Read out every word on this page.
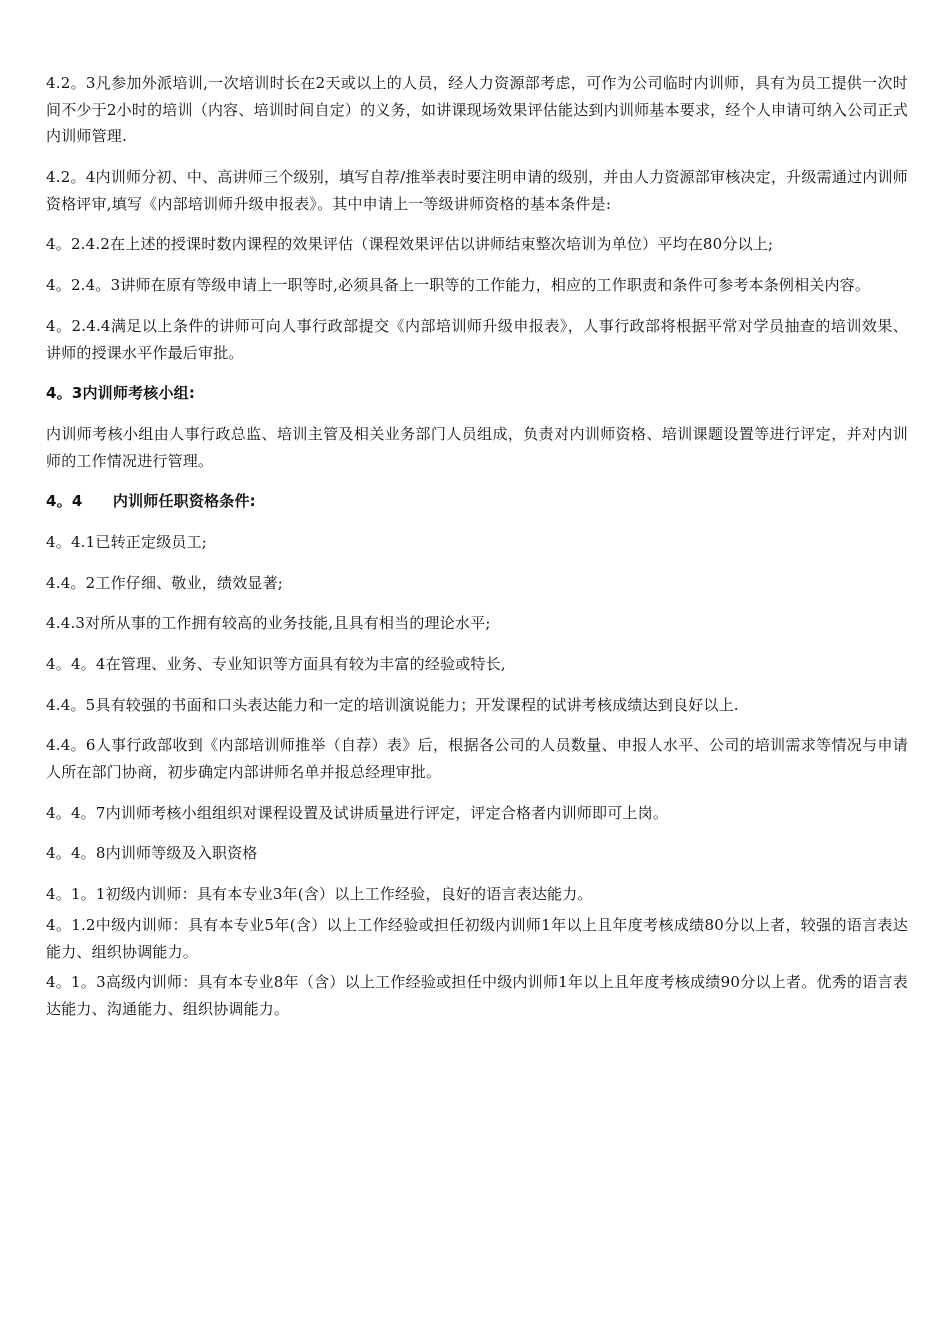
4.2。3凡参加外派培训,一次培训时长在2天或以上的人员，经人力资源部考虑，可作为公司临时内训师，具有为员工提供一次时间不少于2小时的培训（内容、培训时间自定）的义务，如讲课现场效果评估能达到内训师基本要求，经个人申请可纳入公司正式内训师管理.

4.2。4内训师分初、中、高讲师三个级别，填写自荐/推举表时要注明申请的级别，并由人力资源部审核决定，升级需通过内训师资格评审,填写《内部培训师升级申报表》。其中申请上一等级讲师资格的基本条件是:

4。2.4.2在上述的授课时数内课程的效果评估（课程效果评估以讲师结束整次培训为单位）平均在80分以上;

4。2.4。3讲师在原有等级申请上一职等时,必须具备上一职等的工作能力，相应的工作职责和条件可参考本条例相关内容。

4。2.4.4满足以上条件的讲师可向人事行政部提交《内部培训师升级申报表》，人事行政部将根据平常对学员抽查的培训效果、讲师的授课水平作最后审批。

4。3内训师考核小组:

内训师考核小组由人事行政总监、培训主管及相关业务部门人员组成，负责对内训师资格、培训课题设置等进行评定，并对内训师的工作情况进行管理。

4。4　　内训师任职资格条件:

4。4.1已转正定级员工;

4.4。2工作仔细、敬业，绩效显著;

4.4.3对所从事的工作拥有较高的业务技能,且具有相当的理论水平;

4。4。4在管理、业务、专业知识等方面具有较为丰富的经验或特长,

4.4。5具有较强的书面和口头表达能力和一定的培训演说能力；开发课程的试讲考核成绩达到良好以上.

4.4。6人事行政部收到《内部培训师推举（自荐）表》后，根据各公司的人员数量、申报人水平、公司的培训需求等情况与申请人所在部门协商，初步确定内部讲师名单并报总经理审批。

4。4。7内训师考核小组组织对课程设置及试讲质量进行评定，评定合格者内训师即可上岗。

4。4。8内训师等级及入职资格

4。1。1初级内训师：具有本专业3年(含）以上工作经验，良好的语言表达能力。

4。1.2中级内训师：具有本专业5年(含）以上工作经验或担任初级内训师1年以上且年度考核成绩80分以上者，较强的语言表达能力、组织协调能力。

4。1。3高级内训师：具有本专业8年（含）以上工作经验或担任中级内训师1年以上且年度考核成绩90分以上者。优秀的语言表达能力、沟通能力、组织协调能力。
